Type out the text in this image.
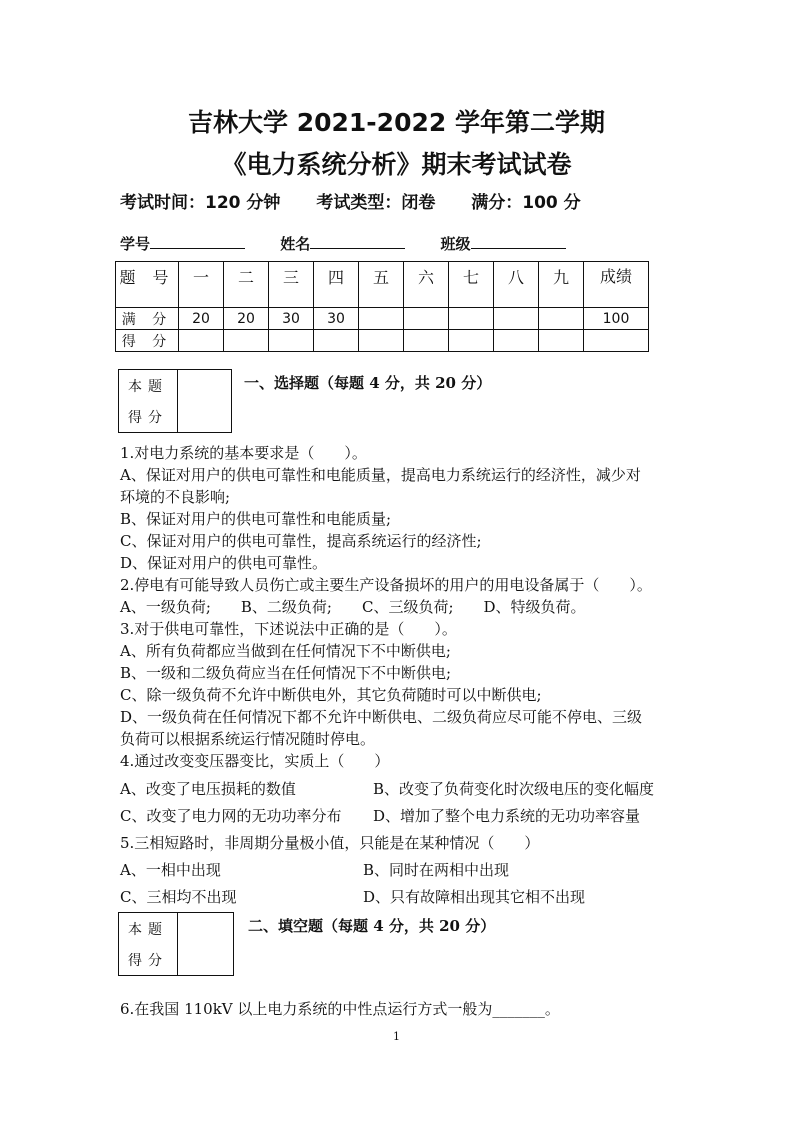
吉林大学 2021-2022 学年第二学期
《电力系统分析》期末考试试卷
考试时间：120 分钟 考试类型：闭卷 满分：100 分
学号	姓名	班级
题 号	一	二	三	四	五	六	七	八	九	成绩
满 分	20	20	30	30						100
得 分										
本题
得分
一、选择题（每题 4 分，共 20 分）

1.对电力系统的基本要求是（　　）。

A、保证对用户的供电可靠性和电能质量，提高电力系统运行的经济性，减少对

环境的不良影响;

B、保证对用户的供电可靠性和电能质量;

C、保证对用户的供电可靠性，提高系统运行的经济性;

D、保证对用户的供电可靠性。

2.停电有可能导致人员伤亡或主要生产设备损坏的用户的用电设备属于（　　）。

A、一级负荷;　　B、二级负荷;　　C、三级负荷;　　D、特级负荷。

3.对于供电可靠性，下述说法中正确的是（　　）。

A、所有负荷都应当做到在任何情况下不中断供电;

B、一级和二级负荷应当在任何情况下不中断供电;

C、除一级负荷不允许中断供电外，其它负荷随时可以中断供电;

D、一级负荷在任何情况下都不允许中断供电、二级负荷应尽可能不停电、三级

负荷可以根据系统运行情况随时停电。

4.通过改变变压器变比，实质上（　　）

A、改变了电压损耗的数值	B、改变了负荷变化时次级电压的变化幅度
C、改变了电力网的无功功率分布	D、增加了整个电力系统的无功功率容量

5.三相短路时，非周期分量极小值，只能是在某种情况（　　）

A、一相中出现	B、同时在两相中出现
C、三相均不出现	D、只有故障相出现其它相不出现
本题
得分
二、填空题（每题 4 分，共 20 分）
6.在我国 110kV 以上电力系统的中性点运行方式一般为_______。
1
